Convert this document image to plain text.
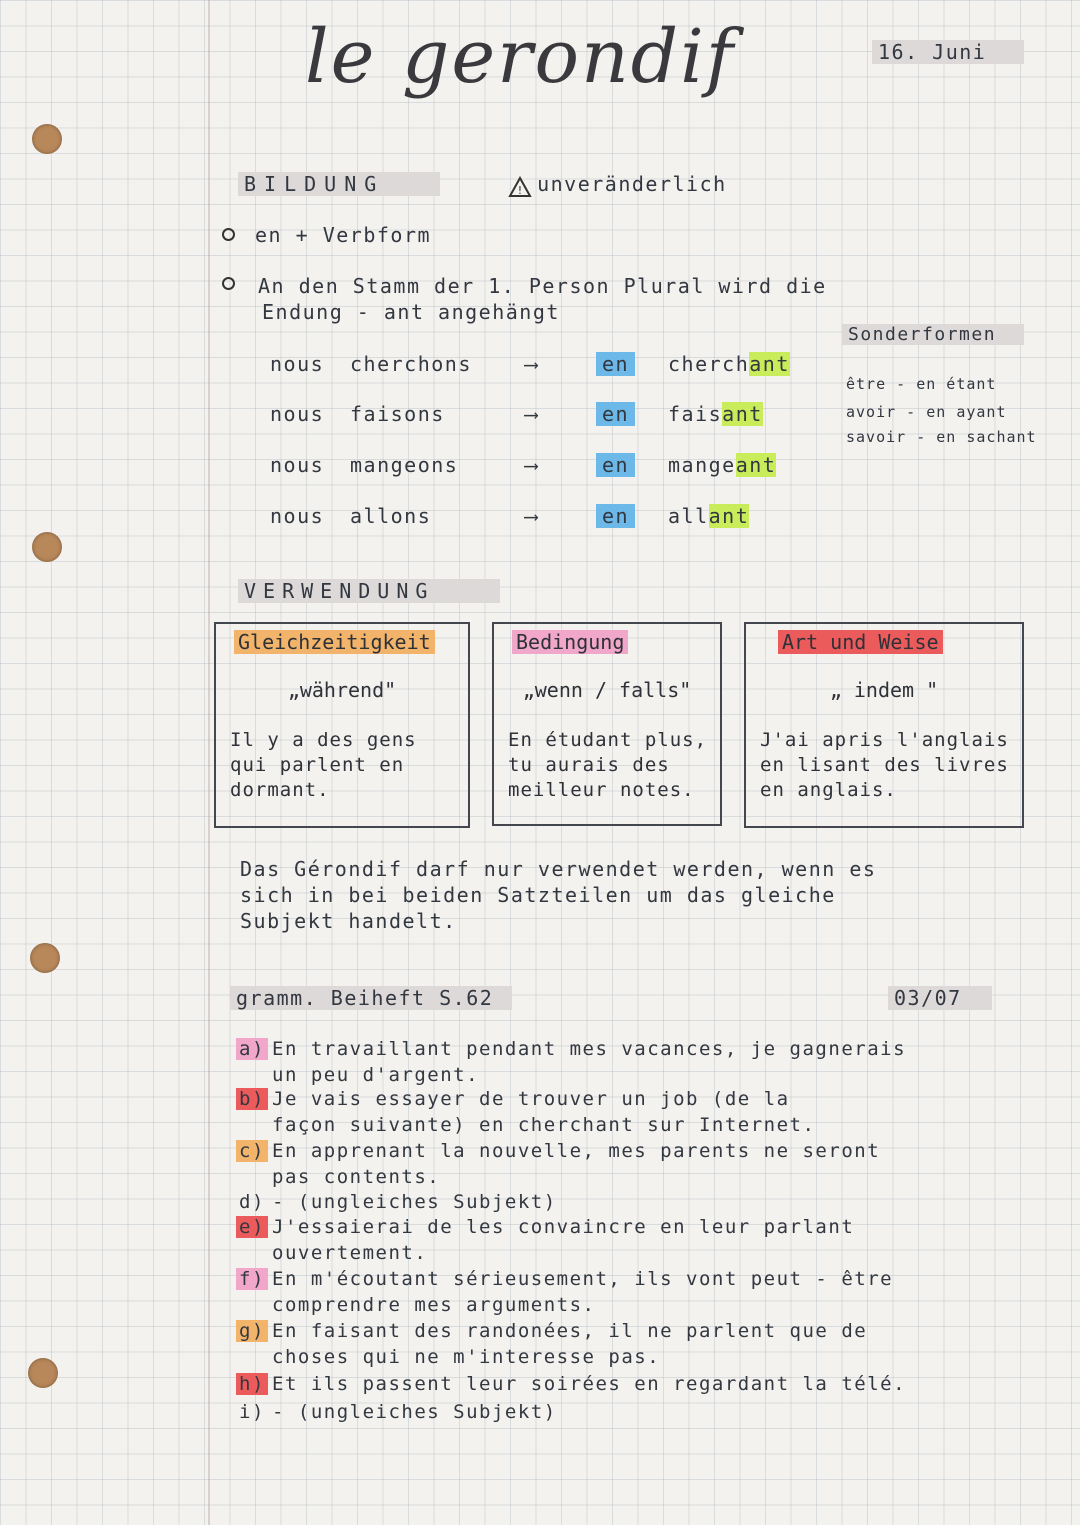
le gerondif	16. Juni
BILDUNG	! unveränderlich
en + Verbform
An den Stamm der 1. Person Plural wird die
Endung - ant angehängt
nous cherchons	⟶	en	cherchant
nous faisons	⟶	en	faisant
nous mangeons	⟶	en	mangeant
nous allons	⟶	en	allant
Sonderformen
être - en étant
avoir - en ayant
savoir - en sachant
VERWENDUNG
Gleichzeitigkeit
„während"
Il y a des gens qui parlent en dormant.
Bedingung
„wenn / falls"
En étudant plus, tu aurais des meilleur notes.
Art und Weise
„ indem "
J'ai apris l'anglais en lisant des livres en anglais.
Das Gérondif darf nur verwendet werden, wenn es
sich in bei beiden Satzteilen um das gleiche
Subjekt handelt.
gramm. Beiheft S.62	03/07
a) En travaillant pendant mes vacances, je gagnerais
un peu d'argent.
b) Je vais essayer de trouver un job (de la
façon suivante) en cherchant sur Internet.
c) En apprenant la nouvelle, mes parents ne seront
pas contents.
d) - (ungleiches Subjekt)
e) J'essaierai de les convaincre en leur parlant
ouvertement.
f) En m'écoutant sérieusement, ils vont peut - être
comprendre mes arguments.
g) En faisant des randonées, il ne parlent que de
choses qui ne m'interesse pas.
h) Et ils passent leur soirées en regardant la télé.
i) - (ungleiches Subjekt)
